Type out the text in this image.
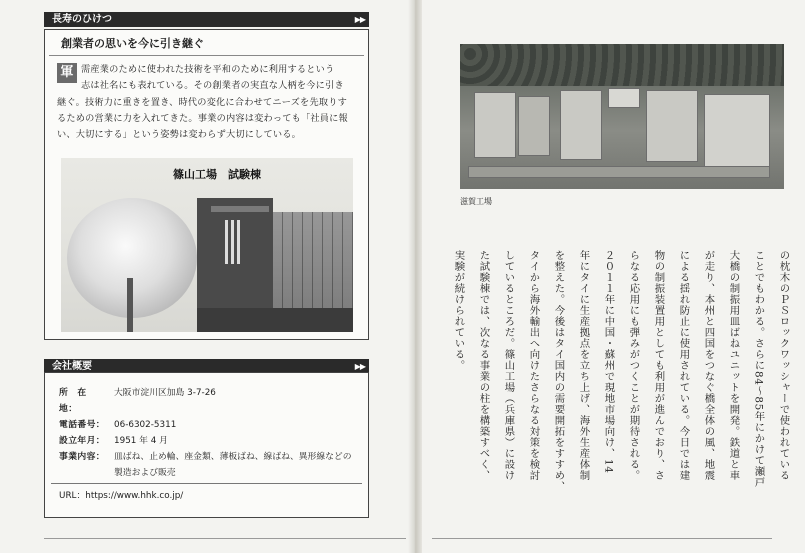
長寿のひけつ	▶▶
創業者の思いを今に引き継ぐ
軍 需産業のために使われた技術を平和のために利用するという
志は社名にも表れている。その創業者の実直な人柄を今に引き
継ぐ。技術力に重きを置き、時代の変化に合わせてニーズを先取りす
るための営業に力を入れてきた。事業の内容は変わっても「社員に報
い、大切にする」という姿勢は変わらず大切にしている。
篠山工場　試験棟
会社概要	▶▶
所　在　地：
大阪市淀川区加島 3-7-26
電話番号：	06-6302-5311
設立年月：	1951 年 4 月
事業内容：	皿ばね、止め輪、座金類、薄板ばね、線ばね、異形線などの
製造および販売
URL：https://www.hhk.co.jp/
滋賀工場
の枕木のＰＳロックワッシャーで使われている
ことでもわかる。さらに84〜85年にかけて瀬戸
大橋の制振用皿ばねユニットを開発。鉄道と車
が走り、本州と四国をつなぐ橋全体の風、地震
による揺れ防止に使用されている。今日では建
物の制振装置用としても利用が進んでおり、さ
らなる応用にも弾みがつくことが期待される。
２０１１年に中国・蘇州で現地市場向け、14
年にタイに生産拠点を立ち上げ、海外生産体制
を整えた。今後はタイ国内の需要開拓をすすめ、
タイから海外輸出へ向けたさらなる対策を検討
しているところだ。篠山工場（兵庫県）に設け
た試験棟では、次なる事業の柱を構築すべく、
実験が続けられている。
